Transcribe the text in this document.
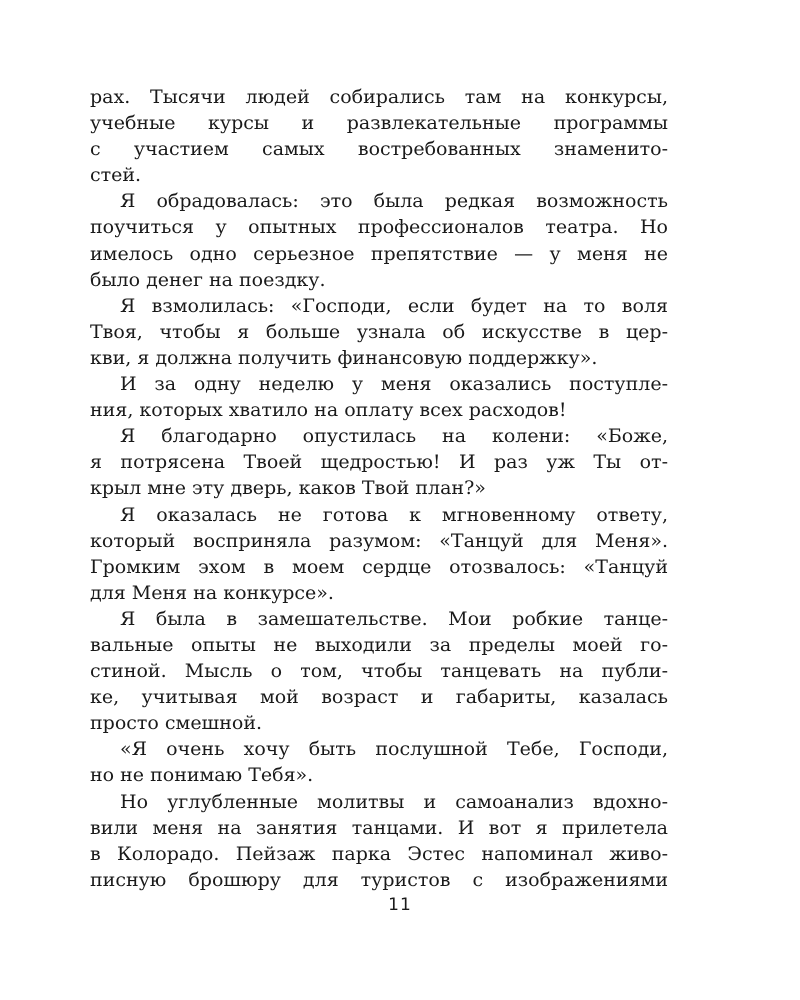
рах. Тысячи людей собирались там на конкурсы,
учебные курсы и развлекательные программы
с участием самых востребованных знаменито-
стей.
Я обрадовалась: это была редкая возможность
поучиться у опытных профессионалов театра. Но
имелось одно серьезное препятствие — у меня не
было денег на поездку.
Я взмолилась: «Господи, если будет на то воля
Твоя, чтобы я больше узнала об искусстве в цер-
кви, я должна получить финансовую поддержку».
И за одну неделю у меня оказались поступле-
ния, которых хватило на оплату всех расходов!
Я благодарно опустилась на колени: «Боже,
я потрясена Твоей щедростью! И раз уж Ты от-
крыл мне эту дверь, каков Твой план?»
Я оказалась не готова к мгновенному ответу,
который восприняла разумом: «Танцуй для Меня».
Громким эхом в моем сердце отозвалось: «Танцуй
для Меня на конкурсе».
Я была в замешательстве. Мои робкие танце-
вальные опыты не выходили за пределы моей го-
стиной. Мысль о том, чтобы танцевать на публи-
ке, учитывая мой возраст и габариты, казалась
просто смешной.
«Я очень хочу быть послушной Тебе, Господи,
но не понимаю Тебя».
Но углубленные молитвы и самоанализ вдохно-
вили меня на занятия танцами. И вот я прилетела
в Колорадо. Пейзаж парка Эстес напоминал живо-
писную брошюру для туристов с изображениями
11
